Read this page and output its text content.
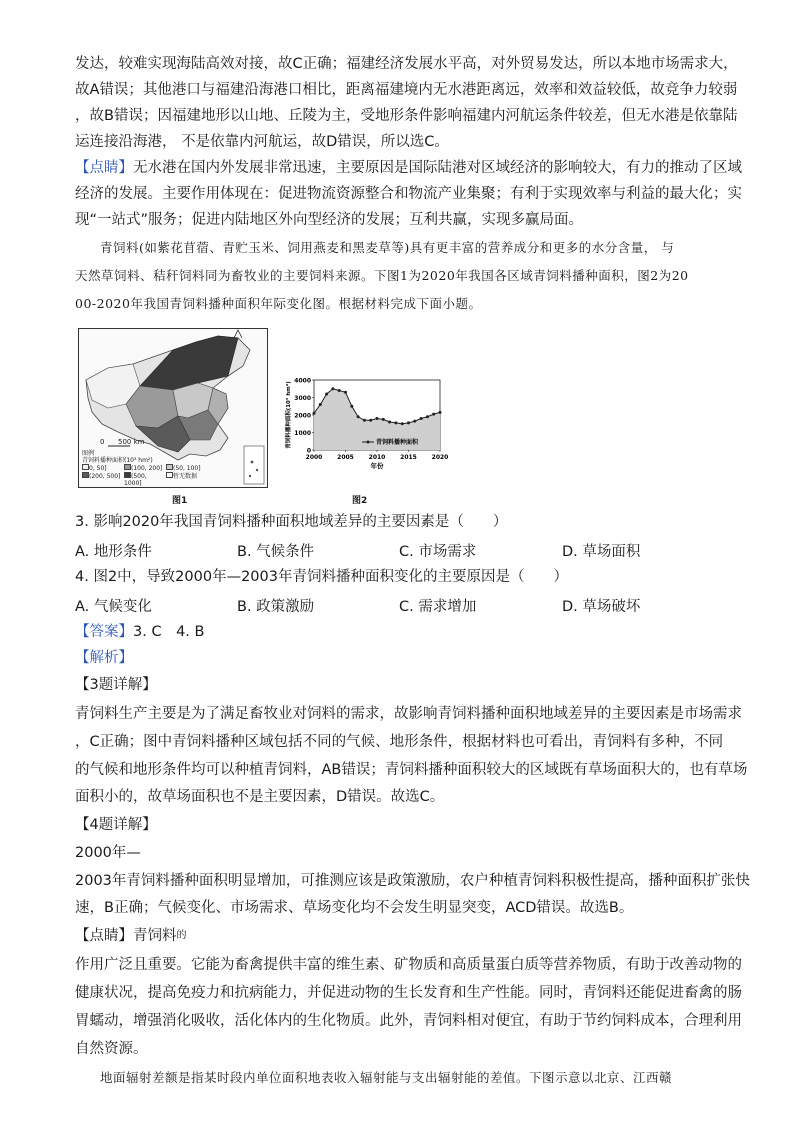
发达，较难实现海陆高效对接，故C正确；福建经济发展水平高，对外贸易发达，所以本地市场需求大，
故A错误；其他港口与福建沿海港口相比，距离福建境内无水港距离远，效率和效益较低，故竞争力较弱
，故B错误；因福建地形以山地、丘陵为主，受地形条件影响福建内河航运条件较差，但无水港是依靠陆
运连接沿海港， 不是依靠内河航运，故D错误，所以选C。
【点睛】无水港在国内外发展非常迅速，主要原因是国际陆港对区域经济的影响较大，有力的推动了区域
经济的发展。主要作用体现在：促进物流资源整合和物流产业集聚；有利于实现效率与利益的最大化；实
现“一站式”服务；促进内陆地区外向型经济的发展；互利共赢，实现多赢局面。
青饲料(如紫花苜蓿、青贮玉米、饲用燕麦和黑麦草等)具有更丰富的营养成分和更多的水分含量， 与
天然草饲料、秸秆饲料同为畜牧业的主要饲料来源。下图1为2020年我国各区域青饲料播种面积，图2为20
00-2020年我国青饲料播种面积年际变化图。根据材料完成下面小题。
0 500 km
图例
青饲料播种面积(10³ hm²)
0, 50]	(100, 200]	(50, 100]
(200, 500]	(500, 1000]
暂无数据
图1
4000
3000
2000
1000
0
2000 2005 2010 2015 2020
青饲料播种面积
年份
青饲料播种面积(10³ hm²)
图2
3. 影响2020年我国青饲料播种面积地域差异的主要因素是（　　）
A. 地形条件	B. 气候条件	C. 市场需求	D. 草场面积
4. 图2中，导致2000年—2003年青饲料播种面积变化的主要原因是（　　）
A. 气候变化	B. 政策激励	C. 需求增加	D. 草场破坏
【答案】3. C　4. B
【解析】
【3题详解】
青饲料生产主要是为了满足畜牧业对饲料的需求，故影响青饲料播种面积地域差异的主要因素是市场需求
，C正确；图中青饲料播种区域包括不同的气候、地形条件，根据材料也可看出，青饲料有多种，不同
的气候和地形条件均可以种植青饲料，AB错误；青饲料播种面积较大的区域既有草场面积大的，也有草场
面积小的，故草场面积也不是主要因素，D错误。故选C。
【4题详解】
2000年—
2003年青饲料播种面积明显增加，可推测应该是政策激励，农户种植青饲料积极性提高，播种面积扩张快
速，B正确；气候变化、市场需求、草场变化均不会发生明显突变，ACD错误。故选B。
【点睛】青饲料$^的$
作用广泛且重要。它能为畜禽提供丰富的维生素、矿物质和高质量蛋白质等营养物质，有助于改善动物的
健康状况，提高免疫力和抗病能力，并促进动物的生长发育和生产性能。同时，青饲料还能促进畜禽的肠
胃蠕动，增强消化吸收，活化体内的生化物质。此外，青饲料相对便宜，有助于节约饲料成本，合理利用
自然资源。
地面辐射差额是指某时段内单位面积地表收入辐射能与支出辐射能的差值。下图示意以北京、江西赣
